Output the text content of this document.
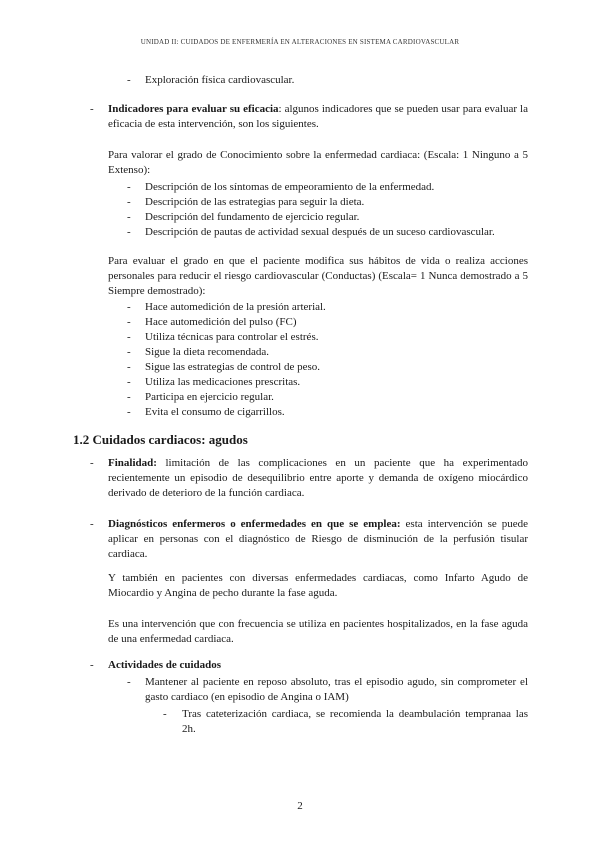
UNIDAD II: CUIDADOS DE ENFERMERÍA EN ALTERACIONES EN SISTEMA CARDIOVASCULAR
- Exploración física cardiovascular.
- Indicadores para evaluar su eficacia: algunos indicadores que se pueden usar para evaluar la eficacia de esta intervención, son los siguientes.
Para valorar el grado de Conocimiento sobre la enfermedad cardiaca: (Escala: 1 Ninguno a 5 Extenso):
- Descripción de los síntomas de empeoramiento de la enfermedad.
- Descripción de las estrategias para seguir la dieta.
- Descripción del fundamento de ejercicio regular.
- Descripción de pautas de actividad sexual después de un suceso cardiovascular.
Para evaluar el grado en que el paciente modifica sus hábitos de vida o realiza acciones personales para reducir el riesgo cardiovascular (Conductas) (Escala= 1 Nunca demostrado a 5 Siempre demostrado):
- Hace automedición de la presión arterial.
- Hace automedición del pulso (FC)
- Utiliza técnicas para controlar el estrés.
- Sigue la dieta recomendada.
- Sigue las estrategias de control de peso.
- Utiliza las medicaciones prescritas.
- Participa en ejercicio regular.
- Evita el consumo de cigarrillos.
1.2 Cuidados cardiacos: agudos
- Finalidad: limitación de las complicaciones en un paciente que ha experimentado recientemente un episodio de desequilibrio entre aporte y demanda de oxígeno miocárdico derivado de deterioro de la función cardiaca.
- Diagnósticos enfermeros o enfermedades en que se emplea: esta intervención se puede aplicar en personas con el diagnóstico de Riesgo de disminución de la perfusión tisular cardiaca.
Y también en pacientes con diversas enfermedades cardiacas, como Infarto Agudo de Miocardio y Angina de pecho durante la fase aguda.
Es una intervención que con frecuencia se utiliza en pacientes hospitalizados, en la fase aguda de una enfermedad cardiaca.
- Actividades de cuidados
- Mantener al paciente en reposo absoluto, tras el episodio agudo, sin comprometer el gasto cardiaco (en episodio de Angina o IAM)
- Tras cateterización cardiaca, se recomienda la deambulación tempranaa las 2h.
2
